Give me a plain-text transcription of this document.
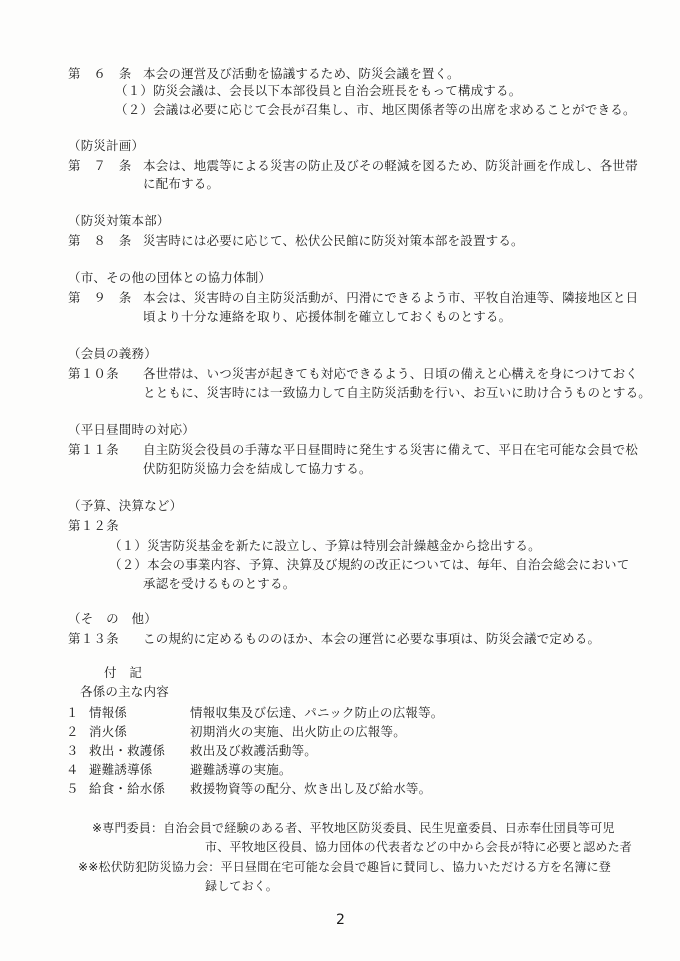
第　６　条 本会の運営及び活動を協議するため、防災会議を置く。
（１）防災会議は、会長以下本部役員と自治会班長をもって構成する。
（２）会議は必要に応じて会長が召集し、市、地区関係者等の出席を求めることができる。
（防災計画）
第　７　条 本会は、地震等による災害の防止及びその軽減を図るため、防災計画を作成し、各世帯
に配布する。
（防災対策本部）
第　８　条 災害時には必要に応じて、松伏公民館に防災対策本部を設置する。
（市、その他の団体との協力体制）
第　９　条 本会は、災害時の自主防災活動が、円滑にできるよう市、平牧自治連等、隣接地区と日
頃より十分な連絡を取り、応援体制を確立しておくものとする。
（会員の義務）
第１０条 各世帯は、いつ災害が起きても対応できるよう、日頃の備えと心構えを身につけておく
とともに、災害時には一致協力して自主防災活動を行い、お互いに助け合うものとする。
（平日昼間時の対応）
第１１条 自主防災会役員の手薄な平日昼間時に発生する災害に備えて、平日在宅可能な会員で松
伏防犯防災協力会を結成して協力する。
（予算、決算など）
第１２条
（１）災害防災基金を新たに設立し、予算は特別会計繰越金から捻出する。
（２）本会の事業内容、予算、決算及び規約の改正については、毎年、自治会総会において
承認を受けるものとする。
（そ　の　他）
第１３条 この規約に定めるもののほか、本会の運営に必要な事項は、防災会議で定める。
付　記
各係の主な内容
１ 情報係	情報収集及び伝達、パニック防止の広報等。
２ 消火係	初期消火の実施、出火防止の広報等。
３ 救出・救護係 救出及び救護活動等。
４ 避難誘導係	避難誘導の実施。
５ 給食・給水係 救援物資等の配分、炊き出し及び給水等。
※専門委員：自治会員で経験のある者、平牧地区防災委員、民生児童委員、日赤奉仕団員等可児
市、平牧地区役員、協力団体の代表者などの中から会長が特に必要と認めた者
※※松伏防犯防災協力会：平日昼間在宅可能な会員で趣旨に賛同し、協力いただける方を名簿に登
録しておく。
2
